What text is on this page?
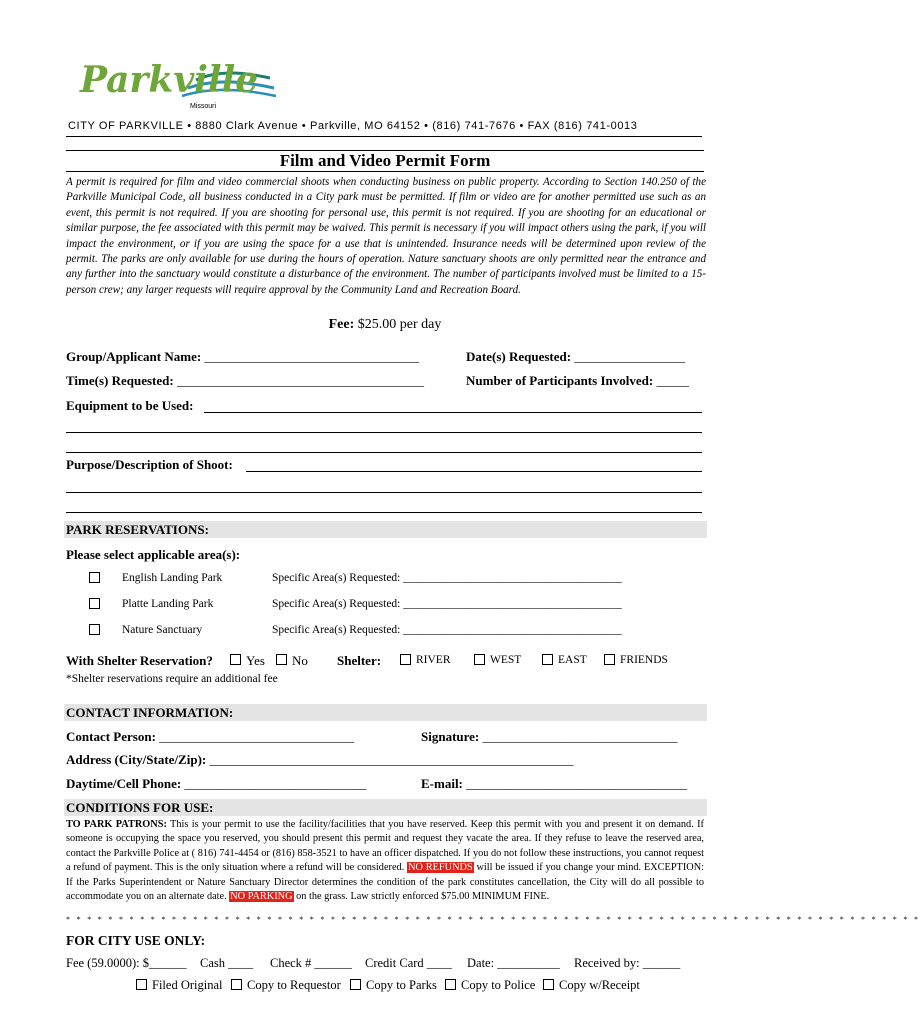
Parkville
Missouri
CITY OF PARKVILLE • 8880 Clark Avenue • Parkville, MO 64152 • (816) 741-7676 • FAX (816) 741-0013
Film and Video Permit Form
A permit is required for film and video commercial shoots when conducting business on public property. According to Section 140.250 of the Parkville Municipal Code, all business conducted in a City park must be permitted. If film or video are for another permitted use such as an event, this permit is not required. If you are shooting for personal use, this permit is not required. If you are shooting for an educational or similar purpose, the fee associated with this permit may be waived. This permit is necessary if you will impact others using the park, if you will impact the environment, or if you are using the space for a use that is unintended. Insurance needs will be determined upon review of the permit. The parks are only available for use during the hours of operation. Nature sanctuary shoots are only permitted near the entrance and any further into the sanctuary would constitute a disturbance of the environment. The number of participants involved must be limited to a 15-person crew; any larger requests will require approval by the Community Land and Recreation Board.
Fee: $25.00 per day
Group/Applicant Name: _________________________________	Date(s) Requested: _________________
Time(s) Requested: ______________________________________	Number of Participants Involved: _____
Equipment to be Used:
Purpose/Description of Shoot:
PARK RESERVATIONS:
Please select applicable area(s):
English Landing Park	Specific Area(s) Requested: ______________________________________
Platte Landing Park	Specific Area(s) Requested: ______________________________________
Nature Sanctuary	Specific Area(s) Requested: ______________________________________
With Shelter Reservation?	Yes No Shelter:	RIVER	WEST	EAST	FRIENDS
*Shelter reservations require an additional fee
CONTACT INFORMATION:
Contact Person: ______________________________	Signature: ______________________________
Address (City/State/Zip): ________________________________________________________
Daytime/Cell Phone: ____________________________	E-mail: __________________________________
CONDITIONS FOR USE:
TO PARK PATRONS: This is your permit to use the facility/facilities that you have reserved. Keep this permit with you and present it on demand. If someone is occupying the space you reserved, you should present this permit and request they vacate the area. If they refuse to leave the reserved area, contact the Parkville Police at ( 816) 741-4454 or (816) 858-3521 to have an officer dispatched. If you do not follow these instructions, you cannot request a refund of payment. This is the only situation where a refund will be considered. NO REFUNDS will be issued if you change your mind. EXCEPTION: If the Parks Superintendent or Nature Sanctuary Director determines the condition of the park constitutes cancellation, the City will do all possible to accommodate you on an alternate date. NO PARKING on the grass. Law strictly enforced $75.00 MINIMUM FINE.
* * * * * * * * * * * * * * * * * * * * * * * * * * * * * * * * * * * * * * * * * * * * * * * * * * * * * * * * * * * * * * * * * * * * * * * * * * * * * * * * *
FOR CITY USE ONLY:
Fee (59.0000): $______ Cash ____ Check # ______ Credit Card ____ Date: __________ Received by: ______
Filed Original Copy to Requestor Copy to Parks Copy to Police Copy w/Receipt
